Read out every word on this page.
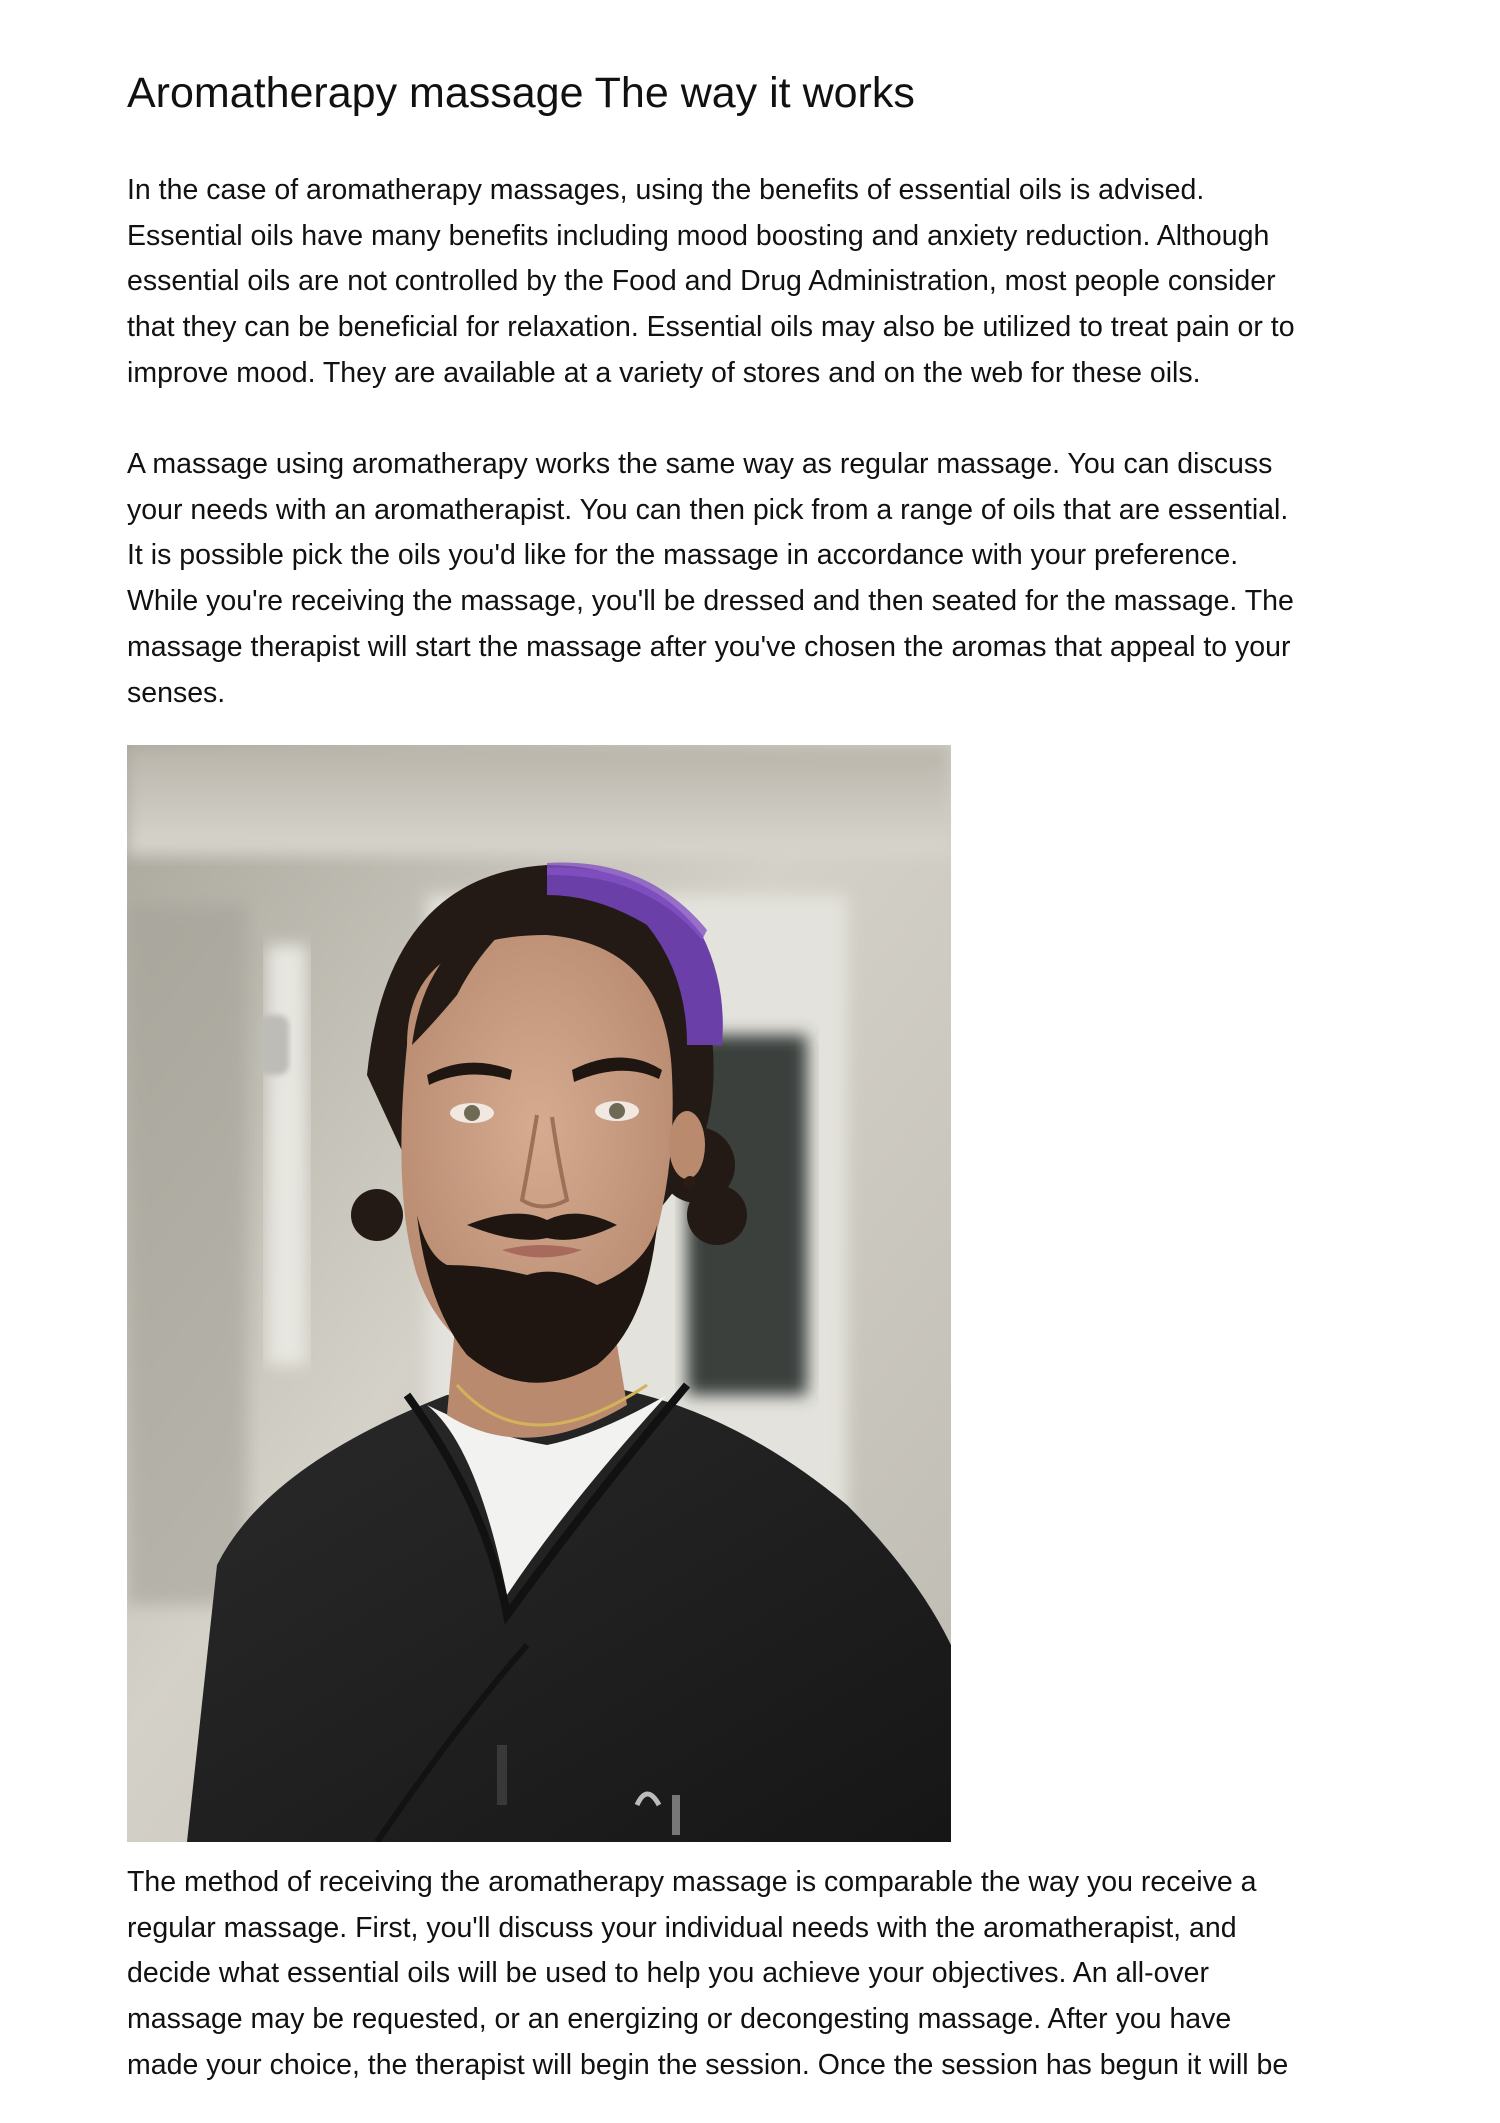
Aromatherapy massage The way it works
In the case of aromatherapy massages, using the benefits of essential oils is advised.
Essential oils have many benefits including mood boosting and anxiety reduction. Although
essential oils are not controlled by the Food and Drug Administration, most people consider
that they can be beneficial for relaxation. Essential oils may also be utilized to treat pain or to
improve mood. They are available at a variety of stores and on the web for these oils.
A massage using aromatherapy works the same way as regular massage. You can discuss
your needs with an aromatherapist. You can then pick from a range of oils that are essential.
It is possible pick the oils you'd like for the massage in accordance with your preference.
While you're receiving the massage, you'll be dressed and then seated for the massage. The
massage therapist will start the massage after you've chosen the aromas that appeal to your
senses.
The method of receiving the aromatherapy massage is comparable the way you receive a
regular massage. First, you'll discuss your individual needs with the aromatherapist, and
decide what essential oils will be used to help you achieve your objectives. An all-over
massage may be requested, or an energizing or decongesting massage. After you have
made your choice, the therapist will begin the session. Once the session has begun it will be
